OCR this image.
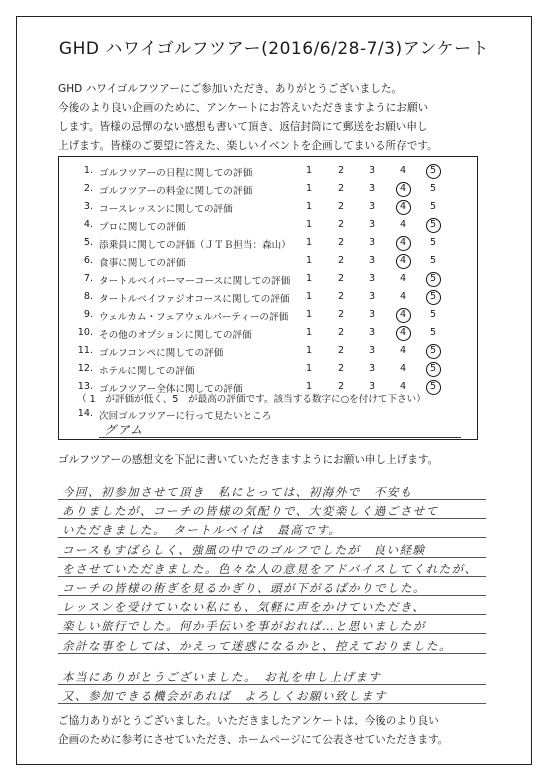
GHD ハワイゴルフツアー(2016/6/28-7/3)アンケート
GHD ハワイゴルフツアーにご参加いただき、ありがとうございました。
今後のより良い企画のために、アンケートにお答えいただきますようにお願い
します。皆様の忌憚のない感想も書いて頂き、返信封筒にて郵送をお願い申し
上げます。皆様のご要望に答えた、楽しいイベントを企画してまいる所存です。
（ 1　が評価が低く、5　が最高の評価です。該当する数字に○を付けて下さい）
14. 次回ゴルフツアーに行って見たいところ
グアム
1. ゴルフツアーの日程に関しての評価	1	2	3	4	5
2. ゴルフツアーの料金に関しての評価	1	2	3	4	5
3. コースレッスンに関しての評価	1	2	3	4	5
4. プロに関しての評価	1	2	3	4	5
5. 添乗員に関しての評価（ＪＴＢ担当：森山）	1	2	3	4	5
6. 食事に関しての評価	1	2	3	4	5
7. タートルベイパーマーコースに関しての評価	1	2	3	4	5
8. タートルベイファジオコースに関しての評価	1	2	3	4	5
9. ウェルカム・フェアウェルパーティーの評価	1	2	3	4	5
10. その他のオプションに関しての評価	1	2	3	4	5
11. ゴルフコンペに関しての評価	1	2	3	4	5
12. ホテルに関しての評価	1	2	3	4	5
13. ゴルフツアー全体に関しての評価	1	2	3	4	5
ゴルフツアーの感想文を下記に書いていただきますようにお願い申し上げます。
今回、初参加させて頂き　私にとっては、初海外で　不安も
ありましたが、コーチの皆様の気配りで、大変楽しく過ごさせて
いただきました。　タートルベイは　最高です。
コースもすばらしく、強風の中でのゴルフでしたが　良い経験
をさせていただきました。色々な人の意見をアドバイスしてくれたが、
コーチの皆様の術ぎを見るかぎり、頭が下がるばかりでした。
レッスンを受けていない私にも、気軽に声をかけていただき、
楽しい旅行でした。何か手伝いを事がおれば…と思いましたが
余計な事をしては、かえって迷惑になるかと、控えておりました。
本当にありがとうございました。　お礼を申し上げます
又、参加できる機会があれば　よろしくお願い致します
ご協力ありがとうございました。いただきましたアンケートは、今後のより良い
企画のために参考にさせていただき、ホームページにて公表させていただきます。
